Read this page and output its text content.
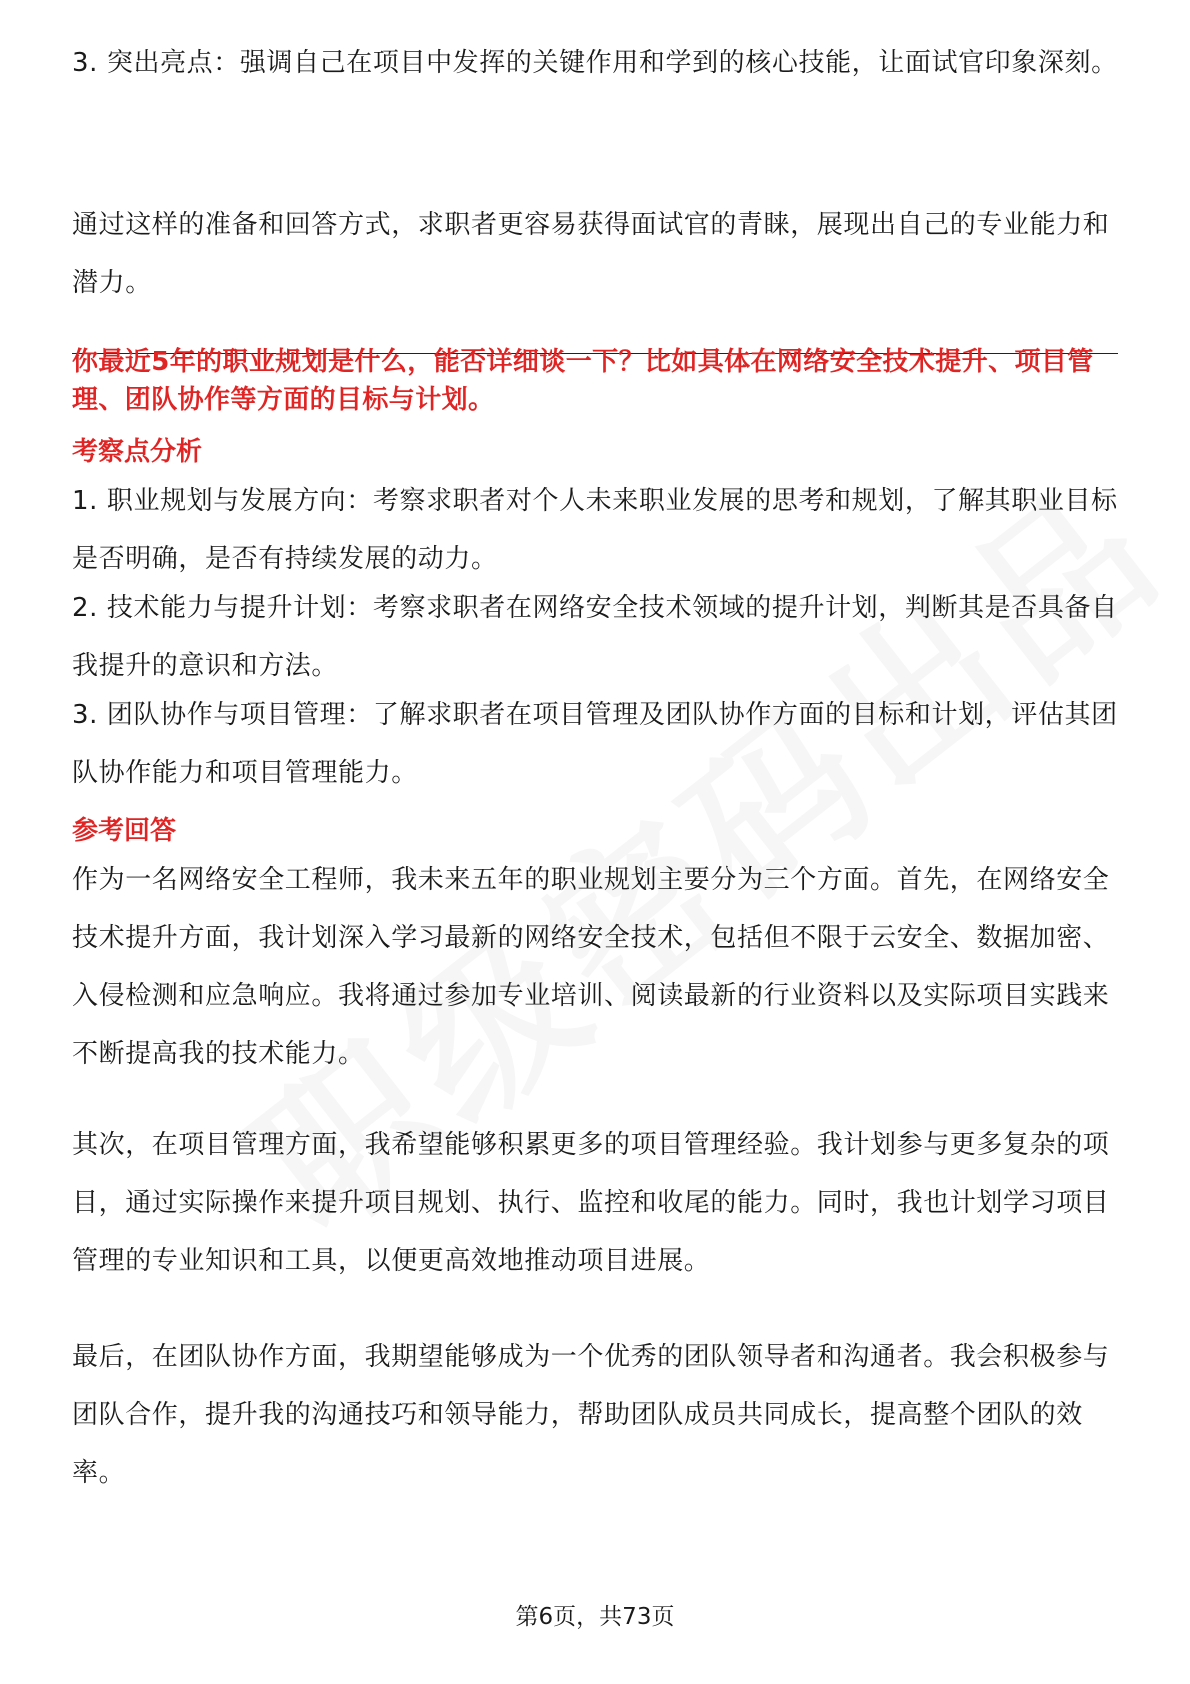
3. 突出亮点：强调自己在项目中发挥的关键作用和学到的核心技能，让面试官印象深刻。

通过这样的准备和回答方式，求职者更容易获得面试官的青睐，展现出自己的专业能力和潜力。

你最近5年的职业规划是什么，能否详细谈一下？比如具体在网络安全技术提升、项目管理、团队协作等方面的目标与计划。

考察点分析

1. 职业规划与发展方向：考察求职者对个人未来职业发展的思考和规划，了解其职业目标是否明确，是否有持续发展的动力。

2. 技术能力与提升计划：考察求职者在网络安全技术领域的提升计划，判断其是否具备自我提升的意识和方法。

3. 团队协作与项目管理：了解求职者在项目管理及团队协作方面的目标和计划，评估其团队协作能力和项目管理能力。

参考回答

作为一名网络安全工程师，我未来五年的职业规划主要分为三个方面。首先，在网络安全技术提升方面，我计划深入学习最新的网络安全技术，包括但不限于云安全、数据加密、入侵检测和应急响应。我将通过参加专业培训、阅读最新的行业资料以及实际项目实践来不断提高我的技术能力。

其次，在项目管理方面，我希望能够积累更多的项目管理经验。我计划参与更多复杂的项目，通过实际操作来提升项目规划、执行、监控和收尾的能力。同时，我也计划学习项目管理的专业知识和工具，以便更高效地推动项目进展。

最后，在团队协作方面，我期望能够成为一个优秀的团队领导者和沟通者。我会积极参与团队合作，提升我的沟通技巧和领导能力，帮助团队成员共同成长，提高整个团队的效率。

第6页，共73页
